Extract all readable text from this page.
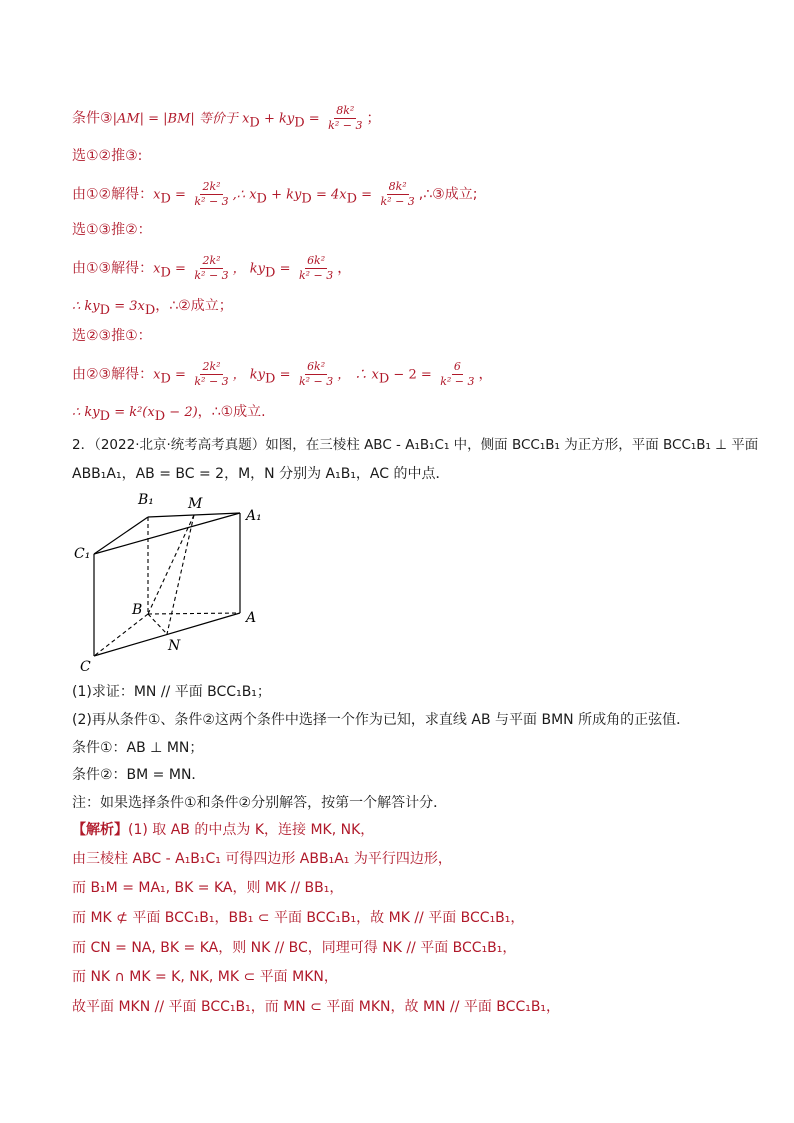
条件③|AM| = |BM| 等价于 $x_D + ky_D = \frac{\text{8k²}}{\text{k² − 3}}$ ；
选①②推③:
由①②解得：$x_D = \frac{\text{2k²}}{\text{k² − 3}}$ ,∴ $x_D + ky_D = 4x_D = \frac{\text{8k²}}{\text{k² − 3}}$ ,∴③成立;
选①③推②：
由①③解得：$x_D = \frac{\text{2k²}}{\text{k² − 3}}$ ， $ky_D = \frac{\text{6k²}}{\text{k² − 3}}$ ，
∴ $ky_D = 3x_D$，∴②成立；
选②③推①：
由②③解得：$x_D = \frac{\text{2k²}}{\text{k² − 3}}$ ， $ky_D = \frac{\text{6k²}}{\text{k² − 3}}$ ， ∴ $x_D - 2 = \frac{6}{\text{k² − 3}}$ ，
∴ $ky_D = k^2(x_D - 2)$，∴①成立.
2．（2022·北京·统考高考真题）如图，在三棱柱 ABC - A₁B₁C₁ 中，侧面 BCC₁B₁ 为正方形，平面 BCC₁B₁ ⊥ 平面
ABB₁A₁，AB = BC = 2，M，N 分别为 A₁B₁，AC 的中点．
B₁ M
A₁
C₁
B	A
N
C
(1)求证：MN // 平面 BCC₁B₁；
(2)再从条件①、条件②这两个条件中选择一个作为已知，求直线 AB 与平面 BMN 所成角的正弦值．
条件①：AB ⊥ MN；
条件②：BM = MN．
注：如果选择条件①和条件②分别解答，按第一个解答计分．
【解析】(1) 取 AB 的中点为 K，连接 MK, NK，
由三棱柱 ABC - A₁B₁C₁ 可得四边形 ABB₁A₁ 为平行四边形，
而 B₁M = MA₁, BK = KA，则 MK // BB₁，
而 MK ⊄ 平面 BCC₁B₁，BB₁ ⊂ 平面 BCC₁B₁，故 MK // 平面 BCC₁B₁，
而 CN = NA, BK = KA，则 NK // BC，同理可得 NK // 平面 BCC₁B₁，
而 NK ∩ MK = K, NK, MK ⊂ 平面 MKN，
故平面 MKN // 平面 BCC₁B₁，而 MN ⊂ 平面 MKN，故 MN // 平面 BCC₁B₁，
